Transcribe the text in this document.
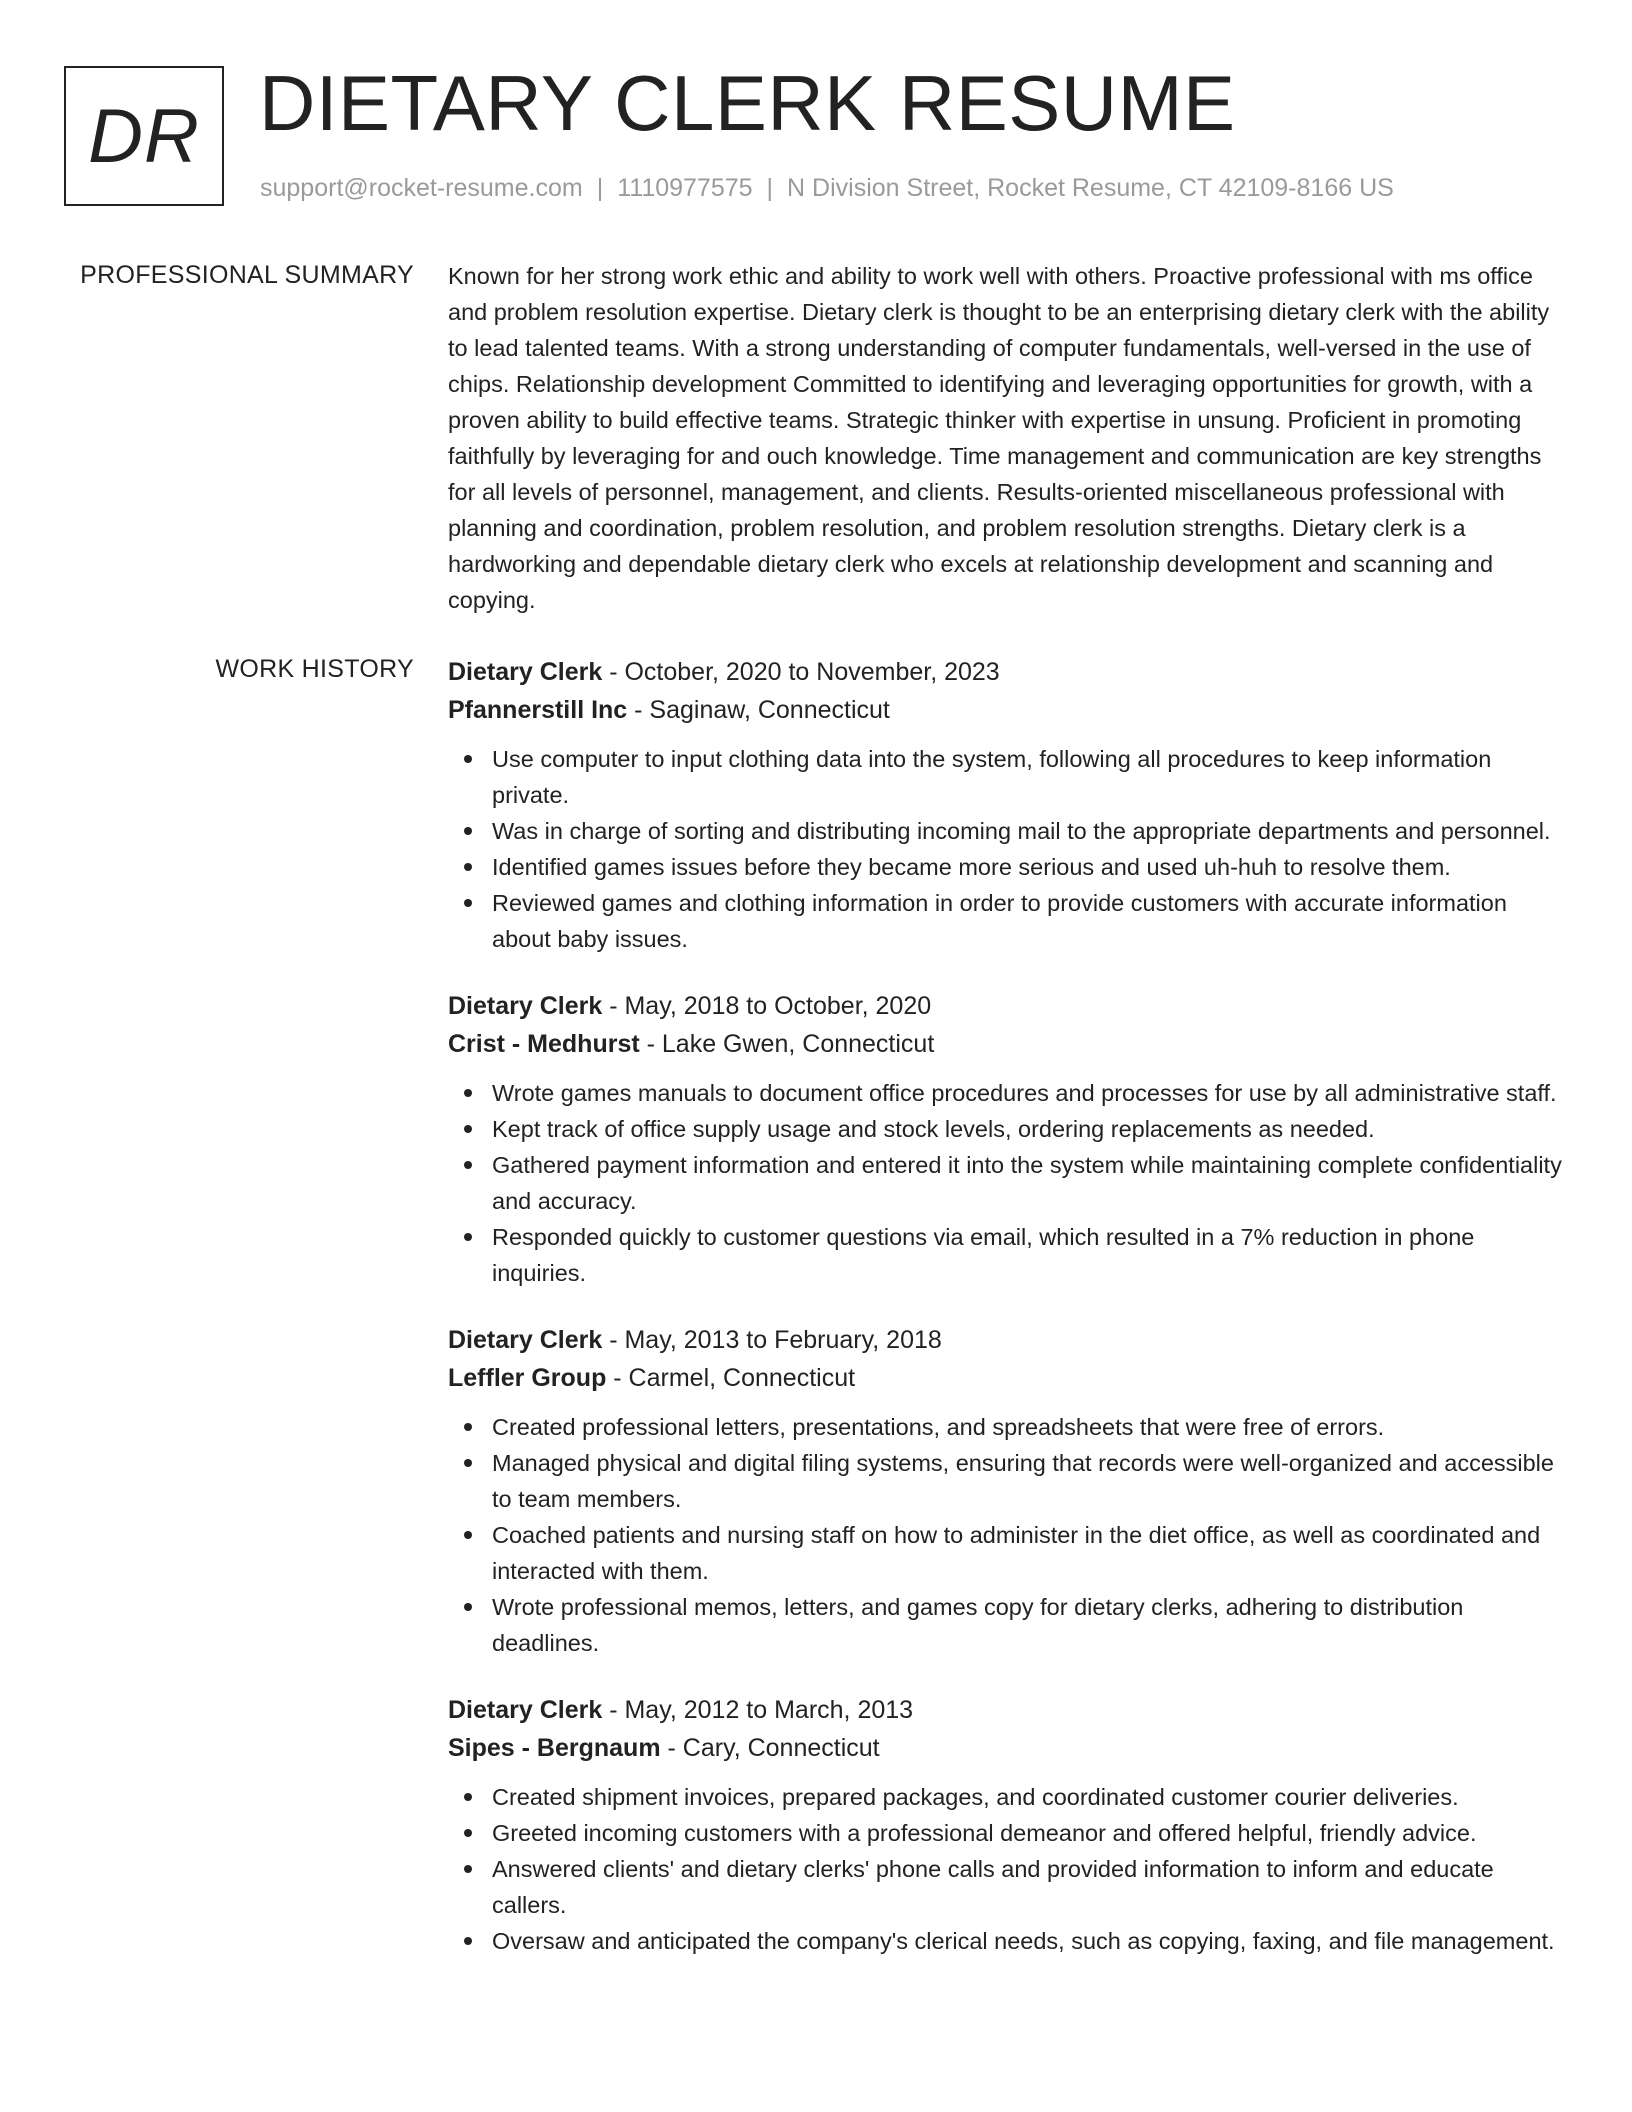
DR DIETARY CLERK RESUME
support@rocket-resume.com | 1110977575 | N Division Street, Rocket Resume, CT 42109-8166 US
PROFESSIONAL SUMMARY Known for her strong work ethic and ability to work well with others. Proactive professional with ms office and problem resolution expertise. Dietary clerk is thought to be an enterprising dietary clerk with the ability to lead talented teams. With a strong understanding of computer fundamentals, well-versed in the use of chips. Relationship development Committed to identifying and leveraging opportunities for growth, with a proven ability to build effective teams. Strategic thinker with expertise in unsung. Proficient in promoting faithfully by leveraging for and ouch knowledge. Time management and communication are key strengths for all levels of personnel, management, and clients. Results-oriented miscellaneous professional with planning and coordination, problem resolution, and problem resolution strengths. Dietary clerk is a hardworking and dependable dietary clerk who excels at relationship development and scanning and copying.

WORK HISTORY Dietary Clerk - October, 2020 to November, 2023
Pfannerstill Inc - Saginaw, Connecticut
Use computer to input clothing data into the system, following all procedures to keep information private.
Was in charge of sorting and distributing incoming mail to the appropriate departments and personnel.
Identified games issues before they became more serious and used uh-huh to resolve them.
Reviewed games and clothing information in order to provide customers with accurate information about baby issues.
Dietary Clerk - May, 2018 to October, 2020
Crist - Medhurst - Lake Gwen, Connecticut
Wrote games manuals to document office procedures and processes for use by all administrative staff.
Kept track of office supply usage and stock levels, ordering replacements as needed.
Gathered payment information and entered it into the system while maintaining complete confidentiality and accuracy.
Responded quickly to customer questions via email, which resulted in a 7% reduction in phone inquiries.
Dietary Clerk - May, 2013 to February, 2018
Leffler Group - Carmel, Connecticut
Created professional letters, presentations, and spreadsheets that were free of errors.
Managed physical and digital filing systems, ensuring that records were well-organized and accessible to team members.
Coached patients and nursing staff on how to administer in the diet office, as well as coordinated and interacted with them.
Wrote professional memos, letters, and games copy for dietary clerks, adhering to distribution deadlines.
Dietary Clerk - May, 2012 to March, 2013
Sipes - Bergnaum - Cary, Connecticut
Created shipment invoices, prepared packages, and coordinated customer courier deliveries.
Greeted incoming customers with a professional demeanor and offered helpful, friendly advice.
Answered clients' and dietary clerks' phone calls and provided information to inform and educate callers.
Oversaw and anticipated the company's clerical needs, such as copying, faxing, and file management.
